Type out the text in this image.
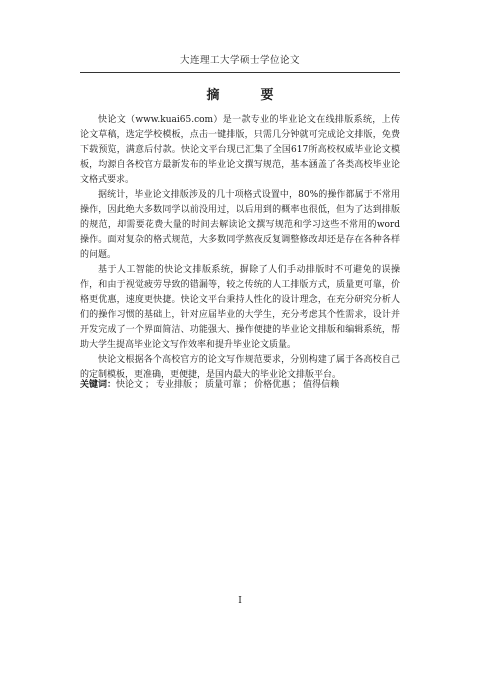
大连理工大学硕士学位论文
摘　要

快论文（www.kuai65.com）是一款专业的毕业论文在线排版系统，上传论文草稿，选定学校模板，点击一键排版，只需几分钟就可完成论文排版，免费下载预览，满意后付款。快论文平台现已汇集了全国617所高校权威毕业论文模板，均源自各校官方最新发布的毕业论文撰写规范，基本涵盖了各类高校毕业论文格式要求。

据统计，毕业论文排版涉及的几十项格式设置中，80%的操作都属于不常用操作，因此绝大多数同学以前没用过，以后用到的概率也很低，但为了达到排版的规范，却需要花费大量的时间去解读论文撰写规范和学习这些不常用的word操作。面对复杂的格式规范，大多数同学熬夜反复调整修改却还是存在各种各样的问题。

基于人工智能的快论文排版系统，摒除了人们手动排版时不可避免的误操作，和由于视觉疲劳导致的错漏等，较之传统的人工排版方式，质量更可靠，价格更优惠，速度更快捷。快论文平台秉持人性化的设计理念，在充分研究分析人们的操作习惯的基础上，针对应届毕业的大学生，充分考虑其个性需求，设计并开发完成了一个界面简洁、功能强大、操作便捷的毕业论文排版和编辑系统，帮助大学生提高毕业论文写作效率和提升毕业论文质量。

快论文根据各个高校官方的论文写作规范要求，分别构建了属于各高校自己的定制模板，更准确，更便捷，是国内最大的毕业论文排版平台。

关键词：快论文 ； 专业排版 ； 质量可靠 ； 价格优惠 ； 值得信赖
I
